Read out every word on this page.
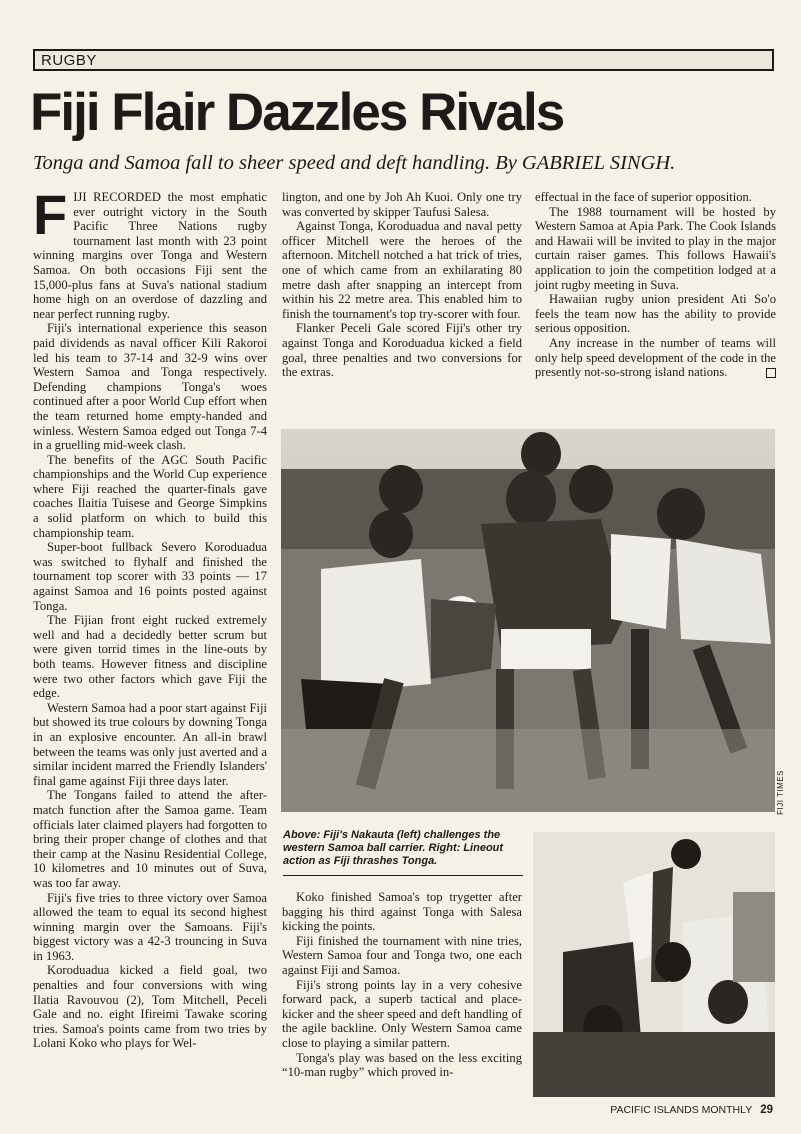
RUGBY
Fiji Flair Dazzles Rivals
Tonga and Samoa fall to sheer speed and deft handling. By GABRIEL SINGH.

FIJI RECORDED the most emphatic ever outright victory in the South Pacific Three Nations rugby tournament last month with 23 point winning margins over Tonga and Western Samoa. On both occasions Fiji sent the 15,000-plus fans at Suva's national stadium home high on an overdose of dazzling and near perfect running rugby.

Fiji's international experience this season paid dividends as naval officer Kili Rakoroi led his team to 37-14 and 32-9 wins over Western Samoa and Tonga respectively. Defending champions Tonga's woes continued after a poor World Cup effort when the team returned home empty-handed and winless. Western Samoa edged out Tonga 7-4 in a gruelling mid-week clash.

The benefits of the AGC South Pacific championships and the World Cup experience where Fiji reached the quarter-finals gave coaches Ilaitia Tuisese and George Simpkins a solid platform on which to build this championship team.

Super-boot fullback Severo Koroduadua was switched to flyhalf and finished the tournament top scorer with 33 points — 17 against Samoa and 16 points posted against Tonga.

The Fijian front eight rucked extremely well and had a decidedly better scrum but were given torrid times in the line-outs by both teams. However fitness and discipline were two other factors which gave Fiji the edge.

Western Samoa had a poor start against Fiji but showed its true colours by downing Tonga in an explosive encounter. An all-in brawl between the teams was only just averted and a similar incident marred the Friendly Islanders' final game against Fiji three days later.

The Tongans failed to attend the after-match function after the Samoa game. Team officials later claimed players had forgotten to bring their proper change of clothes and that their camp at the Nasinu Residential College, 10 kilometres and 10 minutes out of Suva, was too far away.

Fiji's five tries to three victory over Samoa allowed the team to equal its second highest winning margin over the Samoans. Fiji's biggest victory was a 42-3 trouncing in Suva in 1963.

Koroduadua kicked a field goal, two penalties and four conversions with wing Ilatia Ravouvou (2), Tom Mitchell, Peceli Gale and no. eight Ifireimi Tawake scoring tries. Samoa's points came from two tries by Lolani Koko who plays for Wel-

lington, and one by Joh Ah Kuoi. Only one try was converted by skipper Taufusi Salesa.

Against Tonga, Koroduadua and naval petty officer Mitchell were the heroes of the afternoon. Mitchell notched a hat trick of tries, one of which came from an exhilarating 80 metre dash after snapping an intercept from within his 22 metre area. This enabled him to finish the tournament's top try-scorer with four.

Flanker Peceli Gale scored Fiji's other try against Tonga and Koroduadua kicked a field goal, three penalties and two conversions for the extras.

effectual in the face of superior opposition.

The 1988 tournament will be hosted by Western Samoa at Apia Park. The Cook Islands and Hawaii will be invited to play in the major curtain raiser games. This follows Hawaii's application to join the competition lodged at a joint rugby meeting in Suva.

Hawaiian rugby union president Ati So'o feels the team now has the ability to provide serious opposition.

Any increase in the number of teams will only help speed development of the code in the presently not-so-strong island nations.

FIJI TIMES
Above: Fiji's Nakauta (left) challenges the western Samoa ball carrier. Right: Lineout action as Fiji thrashes Tonga.

Koko finished Samoa's top trygetter after bagging his third against Tonga with Salesa kicking the points.

Fiji finished the tournament with nine tries, Western Samoa four and Tonga two, one each against Fiji and Samoa.

Fiji's strong points lay in a very cohesive forward pack, a superb tactical and place-kicker and the sheer speed and deft handling of the agile backline. Only Western Samoa came close to playing a similar pattern.

Tonga's play was based on the less exciting “10-man rugby” which proved in-

PACIFIC ISLANDS MONTHLY 29
